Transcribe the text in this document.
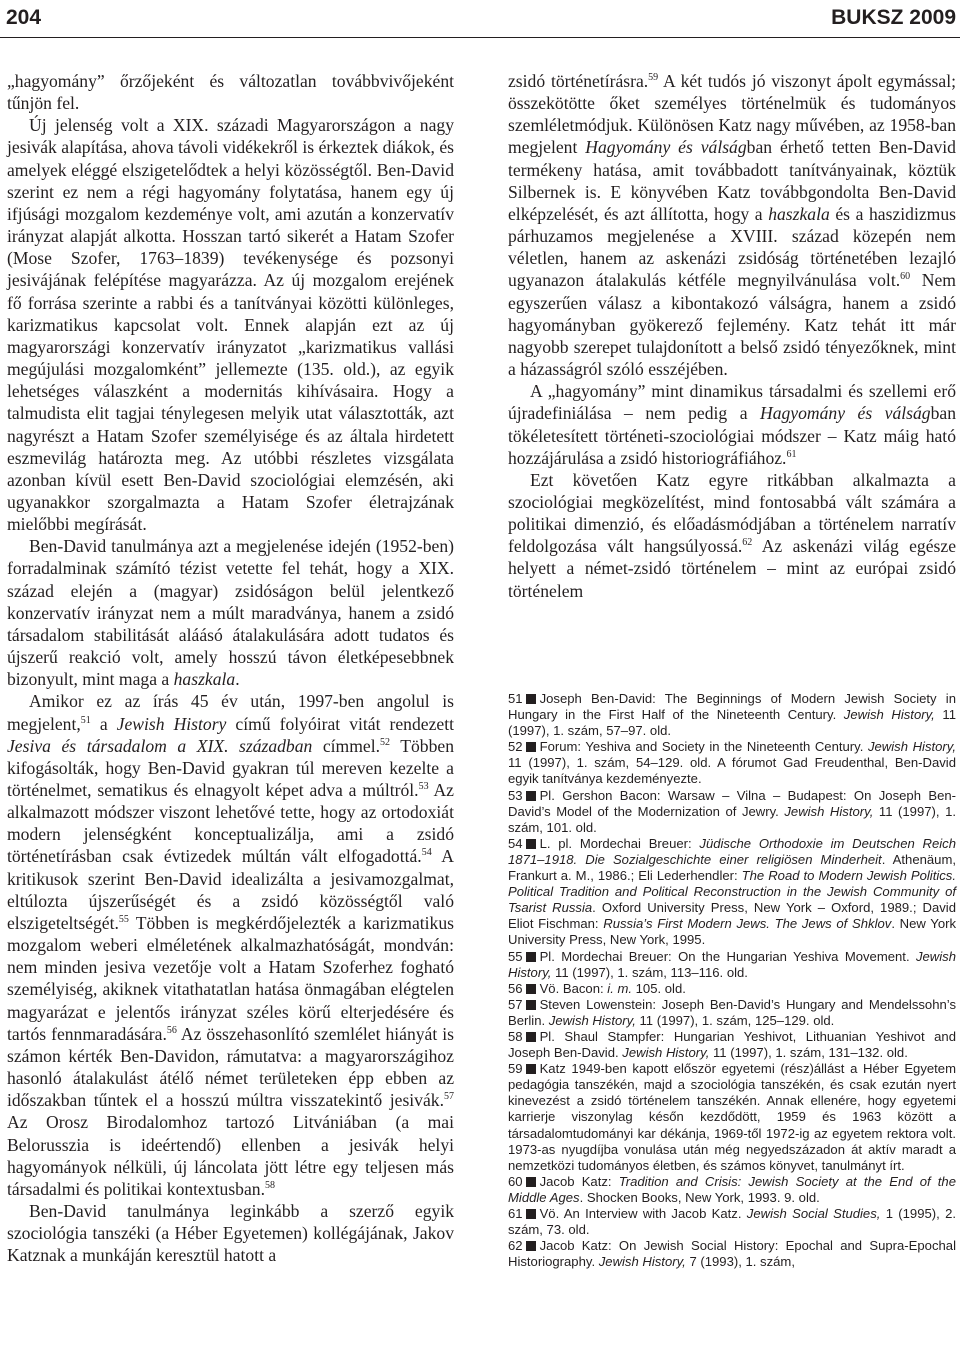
204	BUKSZ 2009

„hagyomány” őrzőjeként és változatlan továbbvivőjeként tűnjön fel.

Új jelenség volt a XIX. századi Magyarországon a nagy jesivák alapítása, ahova távoli vidékekről is érkeztek diákok, és amelyek eléggé elszigetelődtek a helyi közösségtől. Ben-David szerint ez nem a régi hagyomány folytatása, hanem egy új ifjúsági mozgalom kezdeménye volt, ami azután a konzervatív irányzat alapját alkotta. Hosszan tartó sikerét a Hatam Szofer (Mose Szofer, 1763–1839) tevékenysége és pozsonyi jesivájának felépítése magyarázza. Az új mozgalom erejének fő forrása szerinte a rabbi és a tanítványai közötti különleges, karizmatikus kapcsolat volt. Ennek alapján ezt az új magyarországi konzervatív irányzatot „karizmatikus vallási megújulási mozgalomként” jellemezte (135. old.), az egyik lehetséges válaszként a modernitás kihívásaira. Hogy a talmudista elit tagjai ténylegesen melyik utat választották, azt nagyrészt a Hatam Szofer személyisége és az általa hirdetett eszmevilág határozta meg. Az utóbbi részletes vizsgálata azonban kívül esett Ben-David szociológiai elemzésén, aki ugyanakkor szorgalmazta a Hatam Szofer életrajzának mielőbbi megírását.

Ben-David tanulmánya azt a megjelenése idején (1952-ben) forradalminak számító tézist vetette fel tehát, hogy a XIX. század elején a (magyar) zsidóságon belül jelentkező konzervatív irányzat nem a múlt maradványa, hanem a zsidó társadalom stabilitását aláásó átalakulására adott tudatos és újszerű reakció volt, amely hosszú távon életképesebbnek bizonyult, mint maga a haszkala.

Amikor ez az írás 45 év után, 1997-ben angolul is megjelent,$^{51}$ a Jewish History című folyóirat vitát rendezett Jesiva és társadalom a XIX. században címmel.$^{52}$ Többen kifogásolták, hogy Ben-David gyakran túl mereven kezelte a történelmet, sematikus és elnagyolt képet adva a múltról.$^{53}$ Az alkalmazott módszer viszont lehetővé tette, hogy az ortodoxiát modern jelenségként konceptualizálja, ami a zsidó történetírásban csak évtizedek múltán vált elfogadottá.$^{54}$ A kritikusok szerint Ben-David idealizálta a jesivamozgalmat, eltúlozta újszerűségét és a zsidó közösségtől való elszigeteltségét.$^{55}$ Többen is megkérdőjelezték a karizmatikus mozgalom weberi elméletének alkalmazhatóságát, mondván: nem minden jesiva vezetője volt a Hatam Szoferhez fogható személyiség, akiknek vitathatatlan hatása önmagában elégtelen magyarázat e jelentős irányzat széles körű elterjedésére és tartós fennmaradására.$^{56}$ Az összehasonlító szemlélet hiányát is számon kérték Ben-Davidon, rámutatva: a magyarországihoz hasonló átalakulást átélő német területeken épp ebben az időszakban tűntek el a hosszú múltra visszatekintő jesivák.$^{57}$ Az Orosz Birodalomhoz tartozó Litvániában (a mai Belorusszia is ideértendő) ellenben a jesivák helyi hagyományok nélküli, új láncolata jött létre egy teljesen más társadalmi és politikai kontextusban.$^{58}$

Ben-David tanulmánya leginkább a szerző egyik szociológia tanszéki (a Héber Egyetemen) kollégájának, Jakov Katznak a munkáján keresztül hatott a

zsidó történetírásra.$^{59}$ A két tudós jó viszonyt ápolt egymással; összekötötte őket személyes történelmük és tudományos szemléletmódjuk. Különösen Katz nagy művében, az 1958-ban megjelent Hagyomány és válságban érhető tetten Ben-David termékeny hatása, amit továbbadott tanítványainak, köztük Silbernek is. E könyvében Katz továbbgondolta Ben-David elképzelését, és azt állította, hogy a haszkala és a haszidizmus párhuzamos megjelenése a XVIII. század közepén nem véletlen, hanem az askenázi zsidóság történetében lezajló ugyanazon átalakulás kétféle megnyilvánulása volt.$^{60}$ Nem egyszerűen válasz a kibontakozó válságra, hanem a zsidó hagyományban gyökerező fejlemény. Katz tehát itt már nagyobb szerepet tulajdonított a belső zsidó tényezőknek, mint a házasságról szóló esszéjében.

A „hagyomány” mint dinamikus társadalmi és szellemi erő újradefiniálása – nem pedig a Hagyomány és válságban tökéletesített történeti-szociológiai módszer – Katz máig ható hozzájárulása a zsidó historiográfiához.$^{61}$

Ezt követően Katz egyre ritkábban alkalmazta a szociológiai megközelítést, mind fontosabbá vált számára a politikai dimenzió, és előadásmódjában a történelem narratív feldolgozása vált hangsúlyossá.$^{62}$ Az askenázi világ egésze helyett a német-zsidó történelem – mint az európai zsidó történelem

51 Joseph Ben-David: The Beginnings of Modern Jewish Society in Hungary in the First Half of the Nineteenth Century. Jewish History, 11 (1997), 1. szám, 57–97. old.

52 Forum: Yeshiva and Society in the Nineteenth Century. Jewish History, 11 (1997), 1. szám, 54–129. old. A fórumot Gad Freudenthal, Ben-David egyik tanítványa kezdeményezte.

53 Pl. Gershon Bacon: Warsaw – Vilna – Budapest: On Joseph Ben-David’s Model of the Modernization of Jewry. Jewish History, 11 (1997), 1. szám, 101. old.

54 L. pl. Mordechai Breuer: Jüdische Orthodoxie im Deutschen Reich 1871–1918. Die Sozialgeschichte einer religiösen Minderheit. Athenäum, Frankurt a. M., 1986.; Eli Lederhendler: The Road to Modern Jewish Politics. Political Tradition and Political Reconstruction in the Jewish Community of Tsarist Russia. Oxford University Press, New York – Oxford, 1989.; David Eliot Fischman: Russia’s First Modern Jews. The Jews of Shklov. New York University Press, New York, 1995.

55 Pl. Mordechai Breuer: On the Hungarian Yeshiva Movement. Jewish History, 11 (1997), 1. szám, 113–116. old.

56 Vö. Bacon: i. m. 105. old.

57 Steven Lowenstein: Joseph Ben-David’s Hungary and Mendelssohn’s Berlin. Jewish History, 11 (1997), 1. szám, 125–129. old.

58 Pl. Shaul Stampfer: Hungarian Yeshivot, Lithuanian Yeshivot and Joseph Ben-David. Jewish History, 11 (1997), 1. szám, 131–132. old.

59 Katz 1949-ben kapott először egyetemi (rész)állást a Héber Egyetem pedagógia tanszékén, majd a szociológia tanszékén, és csak ezután nyert kinevezést a zsidó történelem tanszékén. Annak ellenére, hogy egyetemi karrierje viszonylag későn kezdődött, 1959 és 1963 között a társadalomtudományi kar dékánja, 1969-től 1972-ig az egyetem rektora volt. 1973-as nyugdíjba vonulása után még negyedszázadon át aktív maradt a nemzetközi tudományos életben, és számos könyvet, tanulmányt írt.

60 Jacob Katz: Tradition and Crisis: Jewish Society at the End of the Middle Ages. Shocken Books, New York, 1993. 9. old.

61 Vö. An Interview with Jacob Katz. Jewish Social Studies, 1 (1995), 2. szám, 73. old.

62 Jacob Katz: On Jewish Social History: Epochal and Supra-Epochal Historiography. Jewish History, 7 (1993), 1. szám,
